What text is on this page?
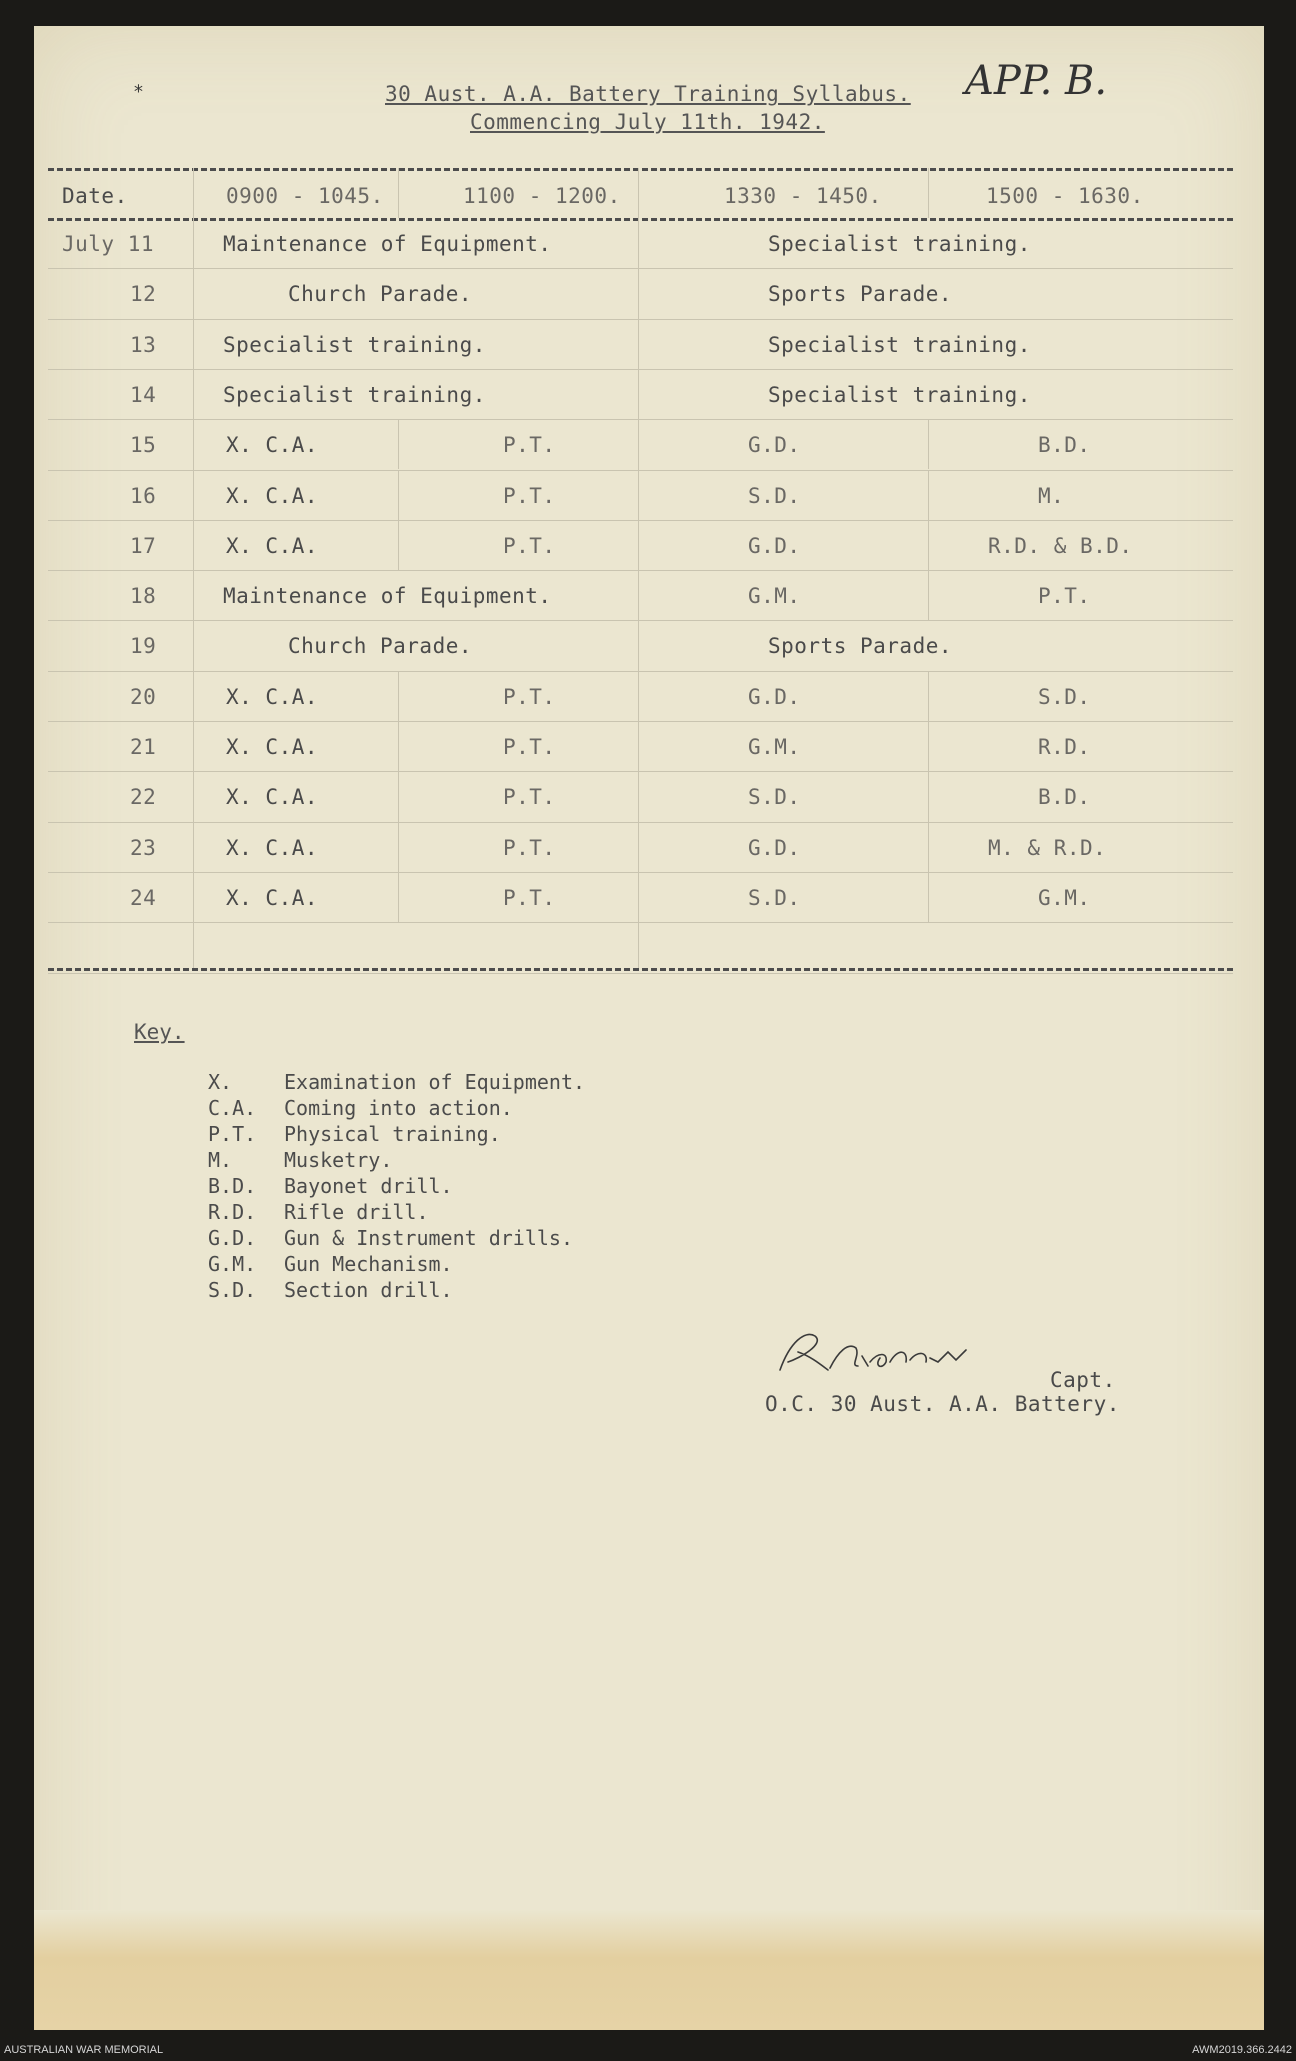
∗	APP. B.
30 Aust. A.A. Battery Training Syllabus.
Commencing July 11th. 1942.
Date.	0900 - 1045.	1100 - 1200.	1330 - 1450.	1500 - 1630.
July 11	Maintenance of Equipment.	Specialist training.
12	Church Parade.	Sports Parade.
13	Specialist training.	Specialist training.
14	Specialist training.	Specialist training.
15	X. C.A.	P.T.	G.D.	B.D.
16	X. C.A.	P.T.	S.D.	M.
17	X. C.A.	P.T.	G.D.	R.D. & B.D.
18	Maintenance of Equipment.	G.M.	P.T.
19	Church Parade.	Sports Parade.
20	X. C.A.	P.T.	G.D.	S.D.
21	X. C.A.	P.T.	G.M.	R.D.
22	X. C.A.	P.T.	S.D.	B.D.
23	X. C.A.	P.T.	G.D.	M. & R.D.
24	X. C.A.	P.T.	S.D.	G.M.
Key.
X.	Examination of Equipment.
C.A. Coming into action.
P.T. Physical training.
M.	Musketry.
B.D. Bayonet drill.
R.D. Rifle drill.
G.D. Gun & Instrument drills.
G.M. Gun Mechanism.
S.D. Section drill.
Capt.
O.C. 30 Aust. A.A. Battery.
AUSTRALIAN WAR MEMORIAL	AWM2019.366.2442
